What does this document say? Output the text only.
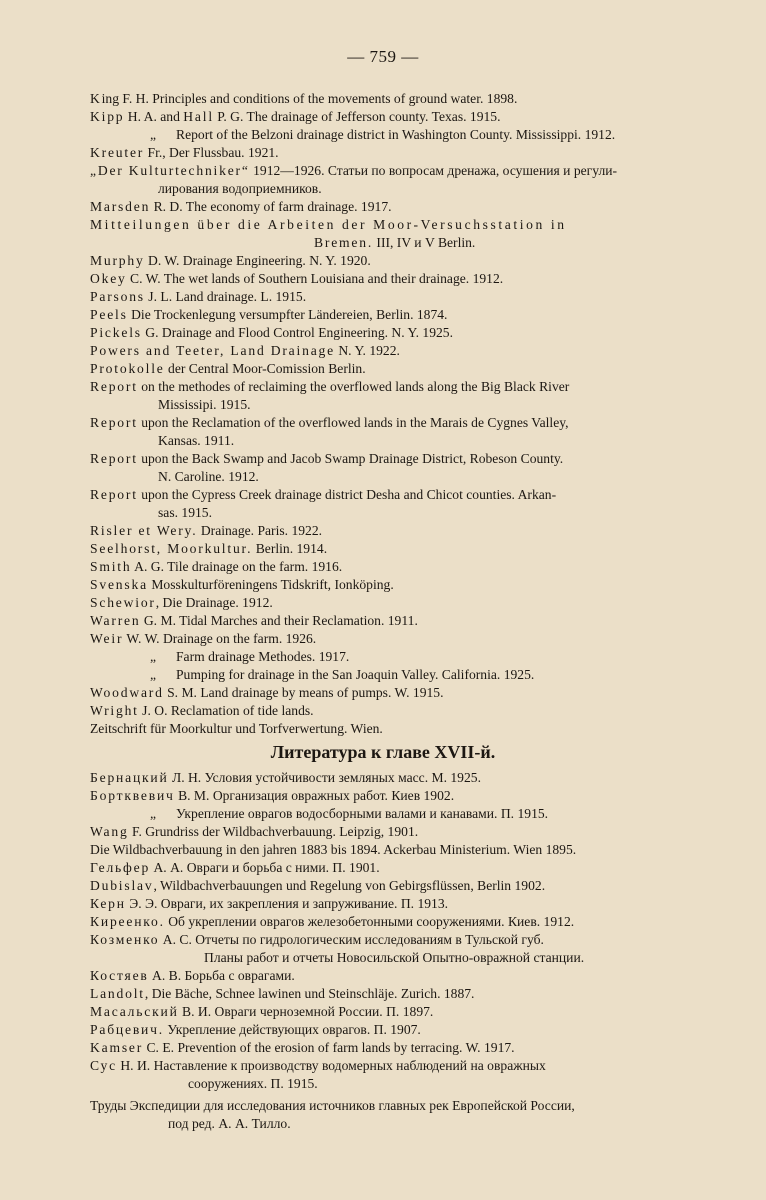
— 759 —
King F. H. Principles and conditions of the movements of ground water. 1898.
Kipp H. A. and Hall P. G. The drainage of Jefferson county. Texas. 1915.
„ Report of the Belzoni drainage district in Washington County. Mississippi. 1912.
Kreuter Fr., Der Flussbau. 1921.
„Der Kulturtechniker“ 1912—1926. Статьи по вопросам дренажа, осушения и регули-
лирования водоприемников.
Marsden R. D. The economy of farm drainage. 1917.
Mitteilungen über die Arbeiten der Moor-Versuchsstation in
Bremen. III, IV и V Berlin.
Murphy D. W. Drainage Engineering. N. Y. 1920.
Okey C. W. The wet lands of Southern Louisiana and their drainage. 1912.
Parsons J. L. Land drainage. L. 1915.
Peels Die Trockenlegung versumpfter Ländereien, Berlin. 1874.
Pickels G. Drainage and Flood Control Engineering. N. Y. 1925.
Powers and Teeter, Land Drainage N. Y. 1922.
Protokolle der Central Moor-Comission Berlin.
Report on the methodes of reclaiming the overflowed lands along the Big Black River
Mississipi. 1915.
Report upon the Reclamation of the overflowed lands in the Marais de Cygnes Valley,
Kansas. 1911.
Report upon the Back Swamp and Jacob Swamp Drainage District, Robeson County.
N. Caroline. 1912.
Report upon the Cypress Creek drainage district Desha and Chicot counties. Arkan-
sas. 1915.
Risler et Wery. Drainage. Paris. 1922.
Seelhorst, Moorkultur. Berlin. 1914.
Smith A. G. Tile drainage on the farm. 1916.
Svenska Mosskulturföreningens Tidskrift, Ionköping.
Schewior, Die Drainage. 1912.
Warren G. M. Tidal Marches and their Reclamation. 1911.
Weir W. W. Drainage on the farm. 1926.
„ Farm drainage Methodes. 1917.
„ Pumping for drainage in the San Joaquin Valley. California. 1925.
Woodward S. M. Land drainage by means of pumps. W. 1915.
Wright J. O. Reclamation of tide lands.
Zeitschrift für Moorkultur und Torfverwertung. Wien.
Литература к главе XVII-й.
Бернацкий Л. Н. Условия устойчивости земляных масс. М. 1925.
Бортквевич В. М. Организация овражных работ. Киев 1902.
„ Укрепление оврагов водосборными валами и канавами. П. 1915.
Wang F. Grundriss der Wildbachverbauung. Leipzig, 1901.
Die Wildbachverbauung in den jahren 1883 bis 1894. Ackerbau Ministerium. Wien 1895.
Гельфер А. А. Овраги и борьба с ними. П. 1901.
Dubislav, Wildbachverbauungen und Regelung von Gebirgsflüssen, Berlin 1902.
Керн Э. Э. Овраги, их закрепления и запруживание. П. 1913.
Киреенко. Об укреплении оврагов железобетонными сооружениями. Киев. 1912.
Козменко А. С. Отчеты по гидрологическим исследованиям в Тульской губ.
Планы работ и отчеты Новосильской Опытно-овражной станции.
Костяев А. В. Борьба с оврагами.
Landolt, Die Bäche, Schnee lawinen und Steinschläje. Zurich. 1887.
Масальский В. И. Овраги черноземной России. П. 1897.
Рабцевич. Укрепление действующих оврагов. П. 1907.
Kamser C. E. Prevention of the erosion of farm lands by terracing. W. 1917.
Сус Н. И. Наставление к производству водомерных наблюдений на овражных
сооружениях. П. 1915.
Труды Экспедиции для исследования источников главных рек Европейской России,
под ред. А. А. Тилло.
